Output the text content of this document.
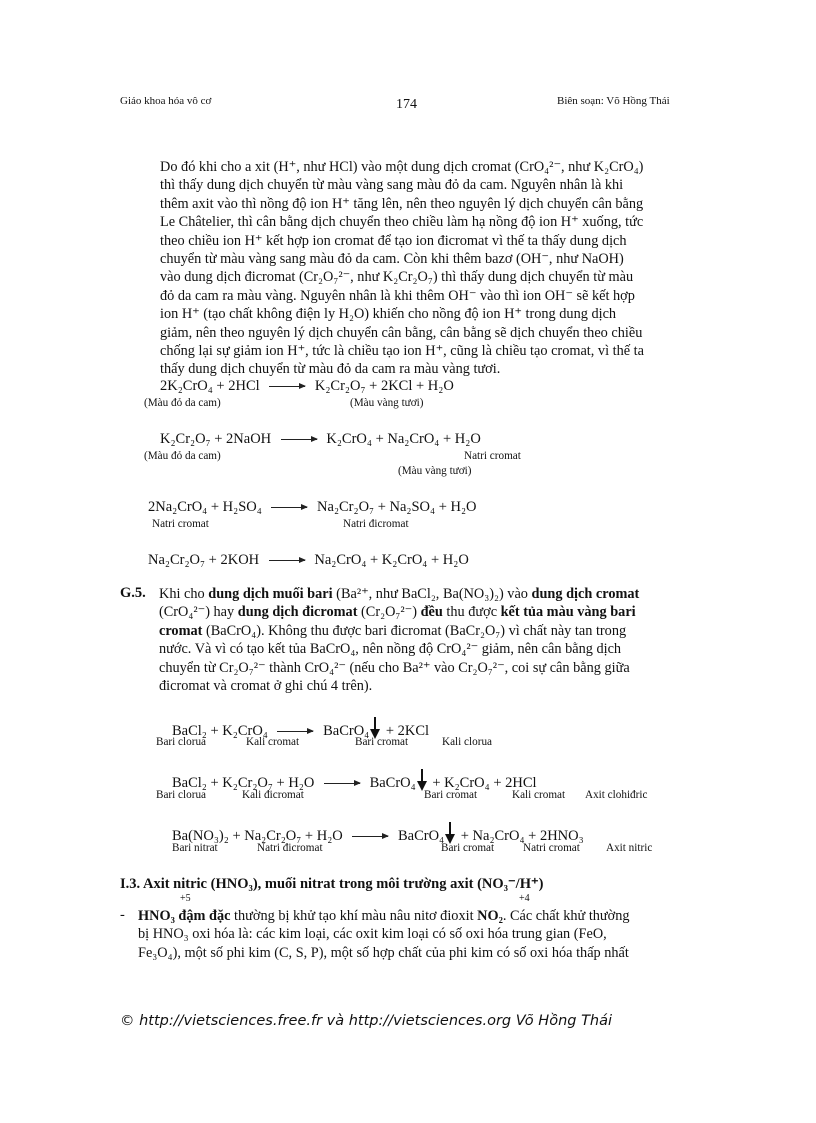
Giáo khoa hóa vô cơ	174	Biên soạn: Võ Hồng Thái
Do đó khi cho a xit (H⁺, như HCl) vào một dung dịch cromat (CrO₄²⁻, như K₂CrO₄)
thì thấy dung dịch chuyển từ màu vàng sang màu đỏ da cam. Nguyên nhân là khi
thêm axit vào thì nồng độ ion H⁺ tăng lên, nên theo nguyên lý dịch chuyển cân bằng
Le Châtelier, thì cân bằng dịch chuyển theo chiều làm hạ nồng độ ion H⁺ xuống, tức
theo chiều ion H⁺ kết hợp ion cromat để tạo ion đicromat vì thế ta thấy dung dịch
chuyển từ màu vàng sang màu đỏ da cam. Còn khi thêm bazơ (OH⁻, như NaOH)
vào dung dịch đicromat (Cr₂O₇²⁻, như K₂Cr₂O₇) thì thấy dung dịch chuyển từ màu
đỏ da cam ra màu vàng. Nguyên nhân là khi thêm OH⁻ vào thì ion OH⁻ sẽ kết hợp
ion H⁺ (tạo chất không điện ly H₂O) khiến cho nồng độ ion H⁺ trong dung dịch
giảm, nên theo nguyên lý dịch chuyển cân bằng, cân bằng sẽ dịch chuyển theo chiều
chống lại sự giảm ion H⁺, tức là chiều tạo ion H⁺, cũng là chiều tạo cromat, vì thế ta
thấy dung dịch chuyển từ màu đỏ da cam ra màu vàng tươi.
2K₂CrO₄ + 2HCl → K₂Cr₂O₇ + 2KCl + H₂O
(Màu đỏ da cam)	(Màu vàng tươi)
K₂Cr₂O₇ + 2NaOH → K₂CrO₄ + Na₂CrO₄ + H₂O
(Màu đỏ da cam)	Natri cromat
(Màu vàng tươi)
2Na₂CrO₄ + H₂SO₄ → Na₂Cr₂O₇ + Na₂SO₄ + H₂O
Natri cromat	Natri đicromat
Na₂Cr₂O₇ + 2KOH → Na₂CrO₄ + K₂CrO₄ + H₂O
G.5. Khi cho dung dịch muối bari (Ba²⁺, như BaCl₂, Ba(NO₃)₂) vào dung dịch cromat
(CrO₄²⁻) hay dung dịch đicromat (Cr₂O₇²⁻) đều thu được kết tủa màu vàng bari
cromat (BaCrO₄). Không thu được bari đicromat (BaCr₂O₇) vì chất này tan trong
nước. Và vì có tạo kết tủa BaCrO₄, nên nồng độ CrO₄²⁻ giảm, nên cân bằng dịch
chuyển từ Cr₂O₇²⁻ thành CrO₄²⁻ (nếu cho Ba²⁺ vào Cr₂O₇²⁻, coi sự cân bằng giữa
đicromat và cromat ở ghi chú 4 trên).
BaCl₂ + K₂CrO₄ → BaCrO₄ + 2KCl
Bari clorua	Kali cromat	Bari cromat	Kali clorua
BaCl₂ + K₂Cr₂O₇ + H₂O → BaCrO₄ + K₂CrO₄ + 2HCl
Bari clorua	Kali đicromat	Bari cromat	Kali cromat Axit clohiđric
Ba(NO₃)₂ + Na₂Cr₂O₇ + H₂O → BaCrO₄ + Na₂CrO₄ + 2HNO₃
Bari nitrat	Natri đicromat	Bari cromat	Natri cromat Axit nitric
I.3. Axit nitric (HNO₃), muối nitrat trong môi trường axit (NO₃⁻/H⁺)
+5	+4
- HNO₃ đậm đặc thường bị khử tạo khí màu nâu nitơ đioxit NO₂. Các chất khử thường
bị HNO₃ oxi hóa là: các kim loại, các oxit kim loại có số oxi hóa trung gian (FeO,
Fe₃O₄), một số phi kim (C, S, P), một số hợp chất của phi kim có số oxi hóa thấp nhất
© http://vietsciences.free.fr và http://vietsciences.org Võ Hồng Thái
